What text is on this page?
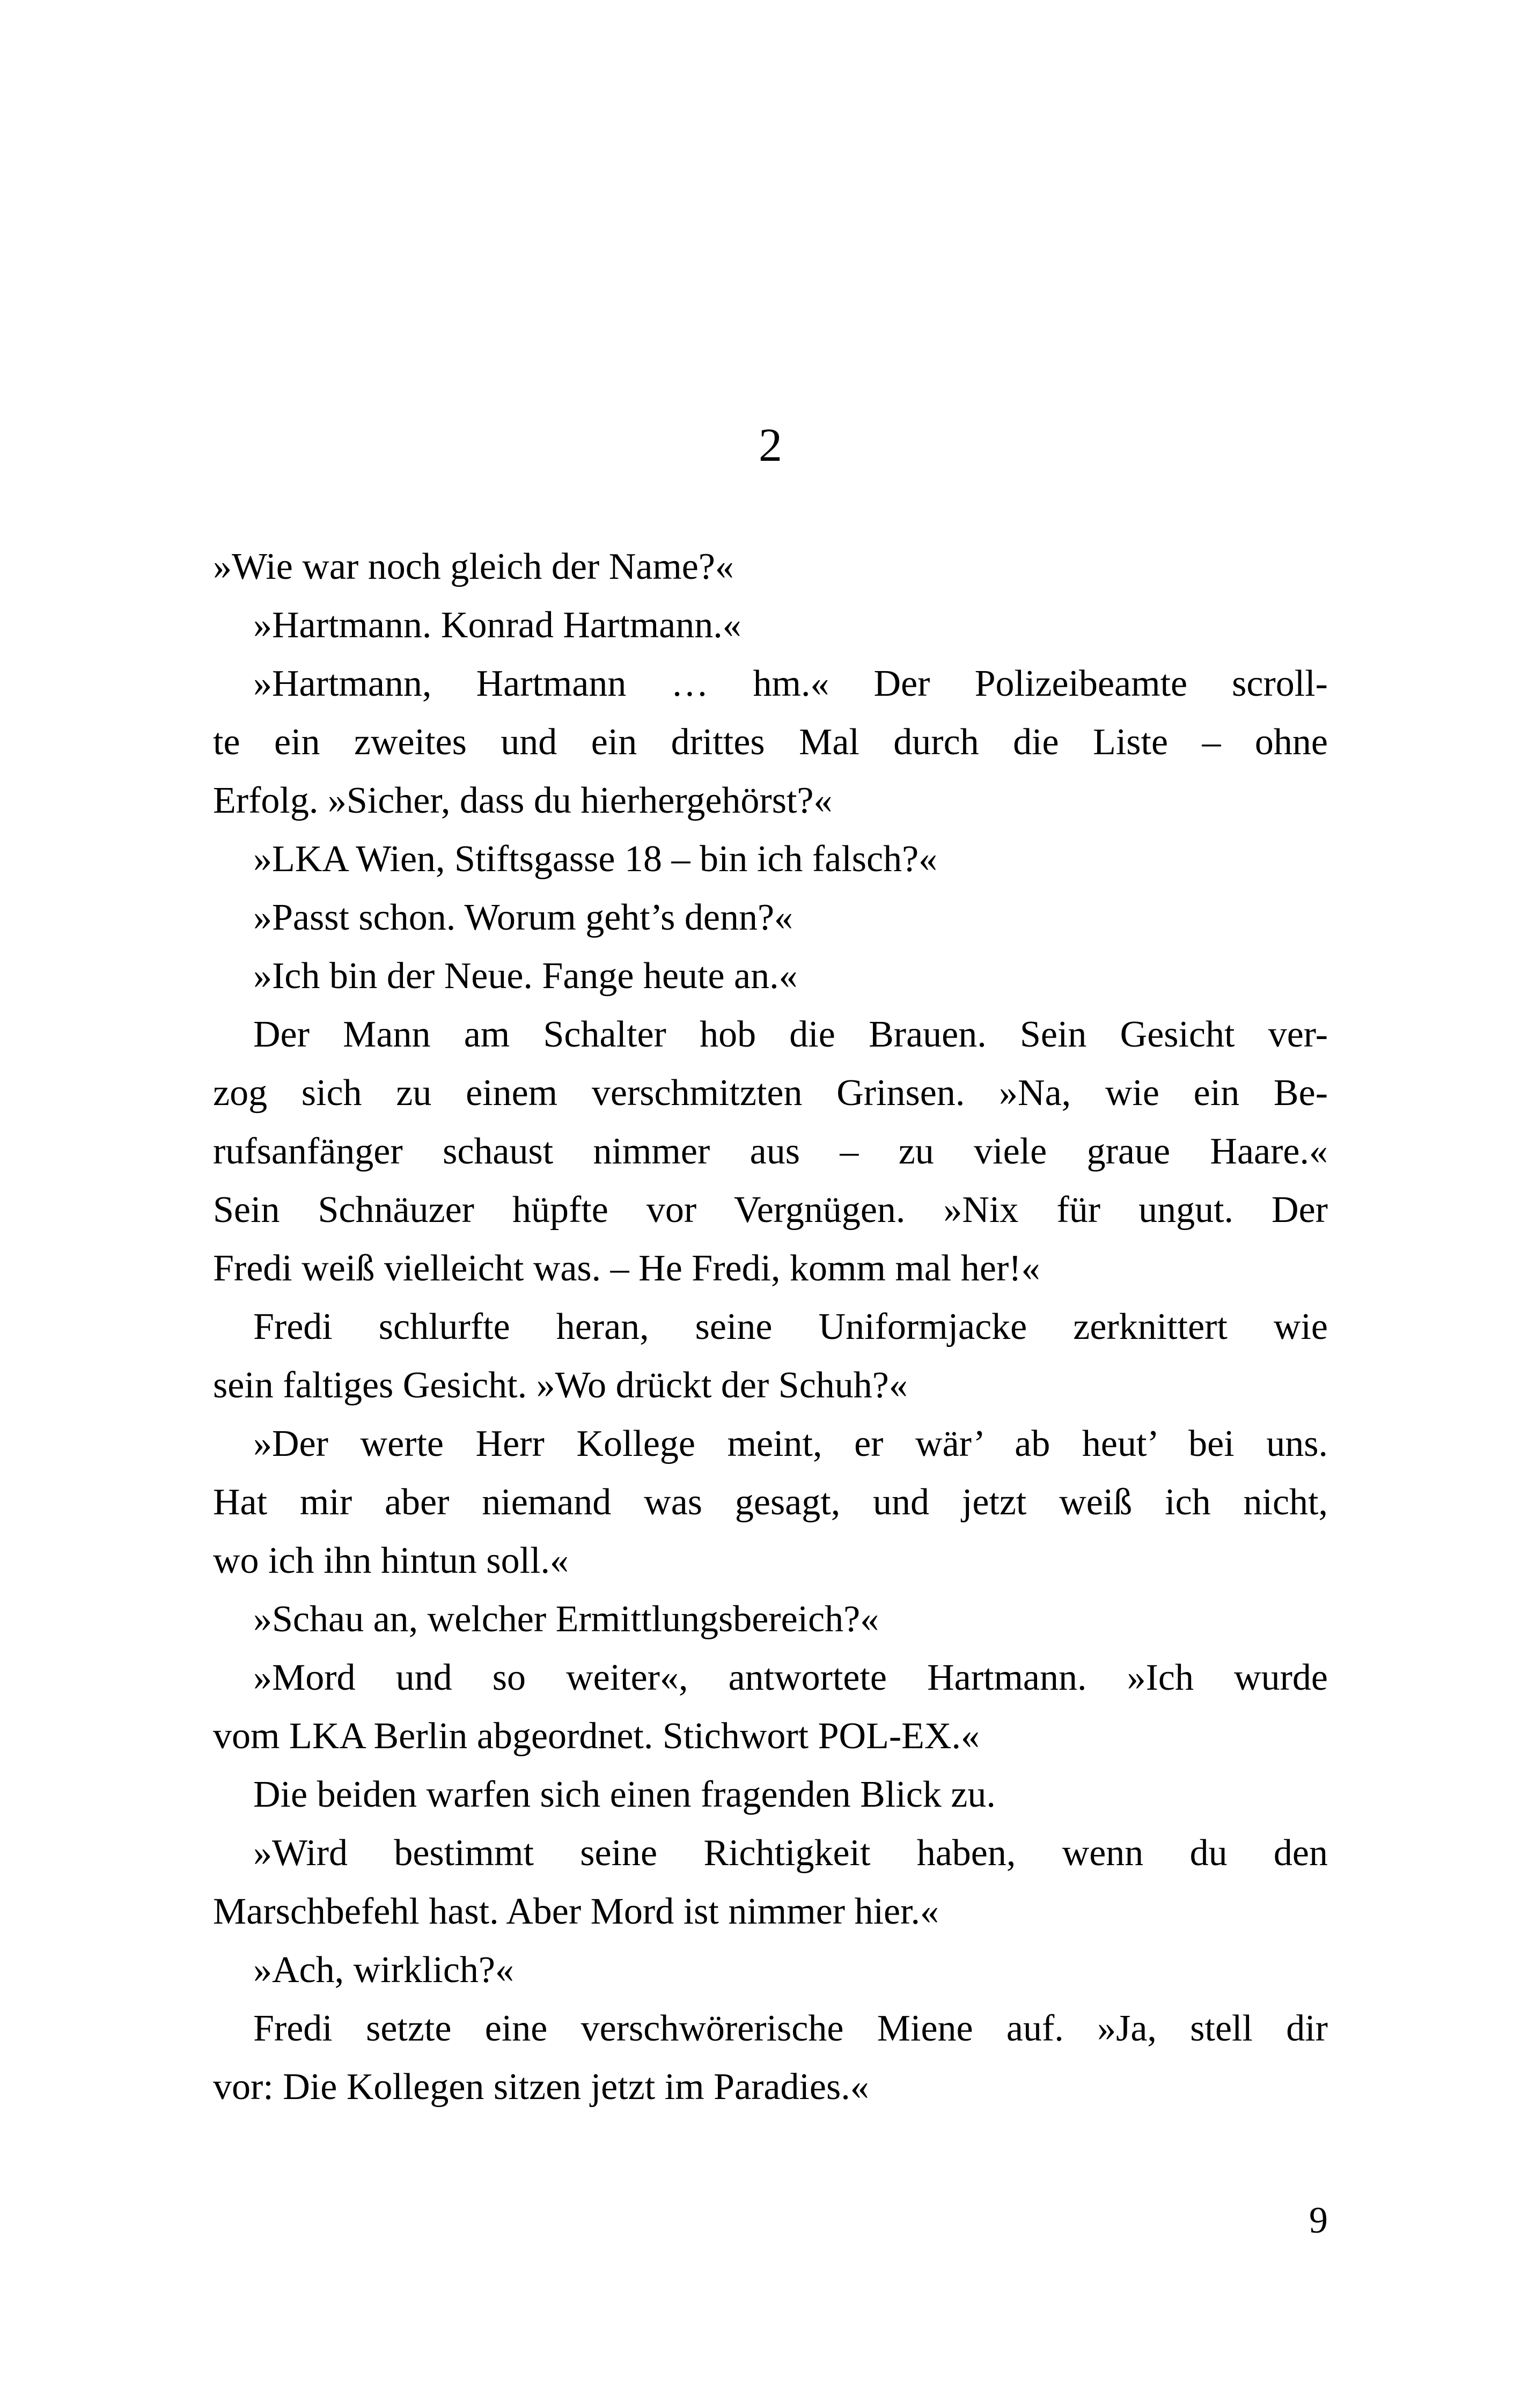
2
»Wie war noch gleich der Name?«
»Hartmann. Konrad Hartmann.«
»Hartmann, Hartmann … hm.« Der Polizeibeamte scroll-
te ein zweites und ein drittes Mal durch die Liste – ohne
Erfolg. »Sicher, dass du hierhergehörst?«
»LKA Wien, Stiftsgasse 18 – bin ich falsch?«
»Passt schon. Worum geht’s denn?«
»Ich bin der Neue. Fange heute an.«
Der Mann am Schalter hob die Brauen. Sein Gesicht ver-
zog sich zu einem verschmitzten Grinsen. »Na, wie ein Be-
rufsanfänger schaust nimmer aus – zu viele graue Haare.«
Sein Schnäuzer hüpfte vor Vergnügen. »Nix für ungut. Der
Fredi weiß vielleicht was. – He Fredi, komm mal her!«
Fredi schlurfte heran, seine Uniformjacke zerknittert wie
sein faltiges Gesicht. »Wo drückt der Schuh?«
»Der werte Herr Kollege meint, er wär’ ab heut’ bei uns.
Hat mir aber niemand was gesagt, und jetzt weiß ich nicht,
wo ich ihn hintun soll.«
»Schau an, welcher Ermittlungsbereich?«
»Mord und so weiter«, antwortete Hartmann. »Ich wurde
vom LKA Berlin abgeordnet. Stichwort POL-EX.«
Die beiden warfen sich einen fragenden Blick zu.
»Wird bestimmt seine Richtigkeit haben, wenn du den
Marschbefehl hast. Aber Mord ist nimmer hier.«
»Ach, wirklich?«
Fredi setzte eine verschwörerische Miene auf. »Ja, stell dir
vor: Die Kollegen sitzen jetzt im Paradies.«
9
